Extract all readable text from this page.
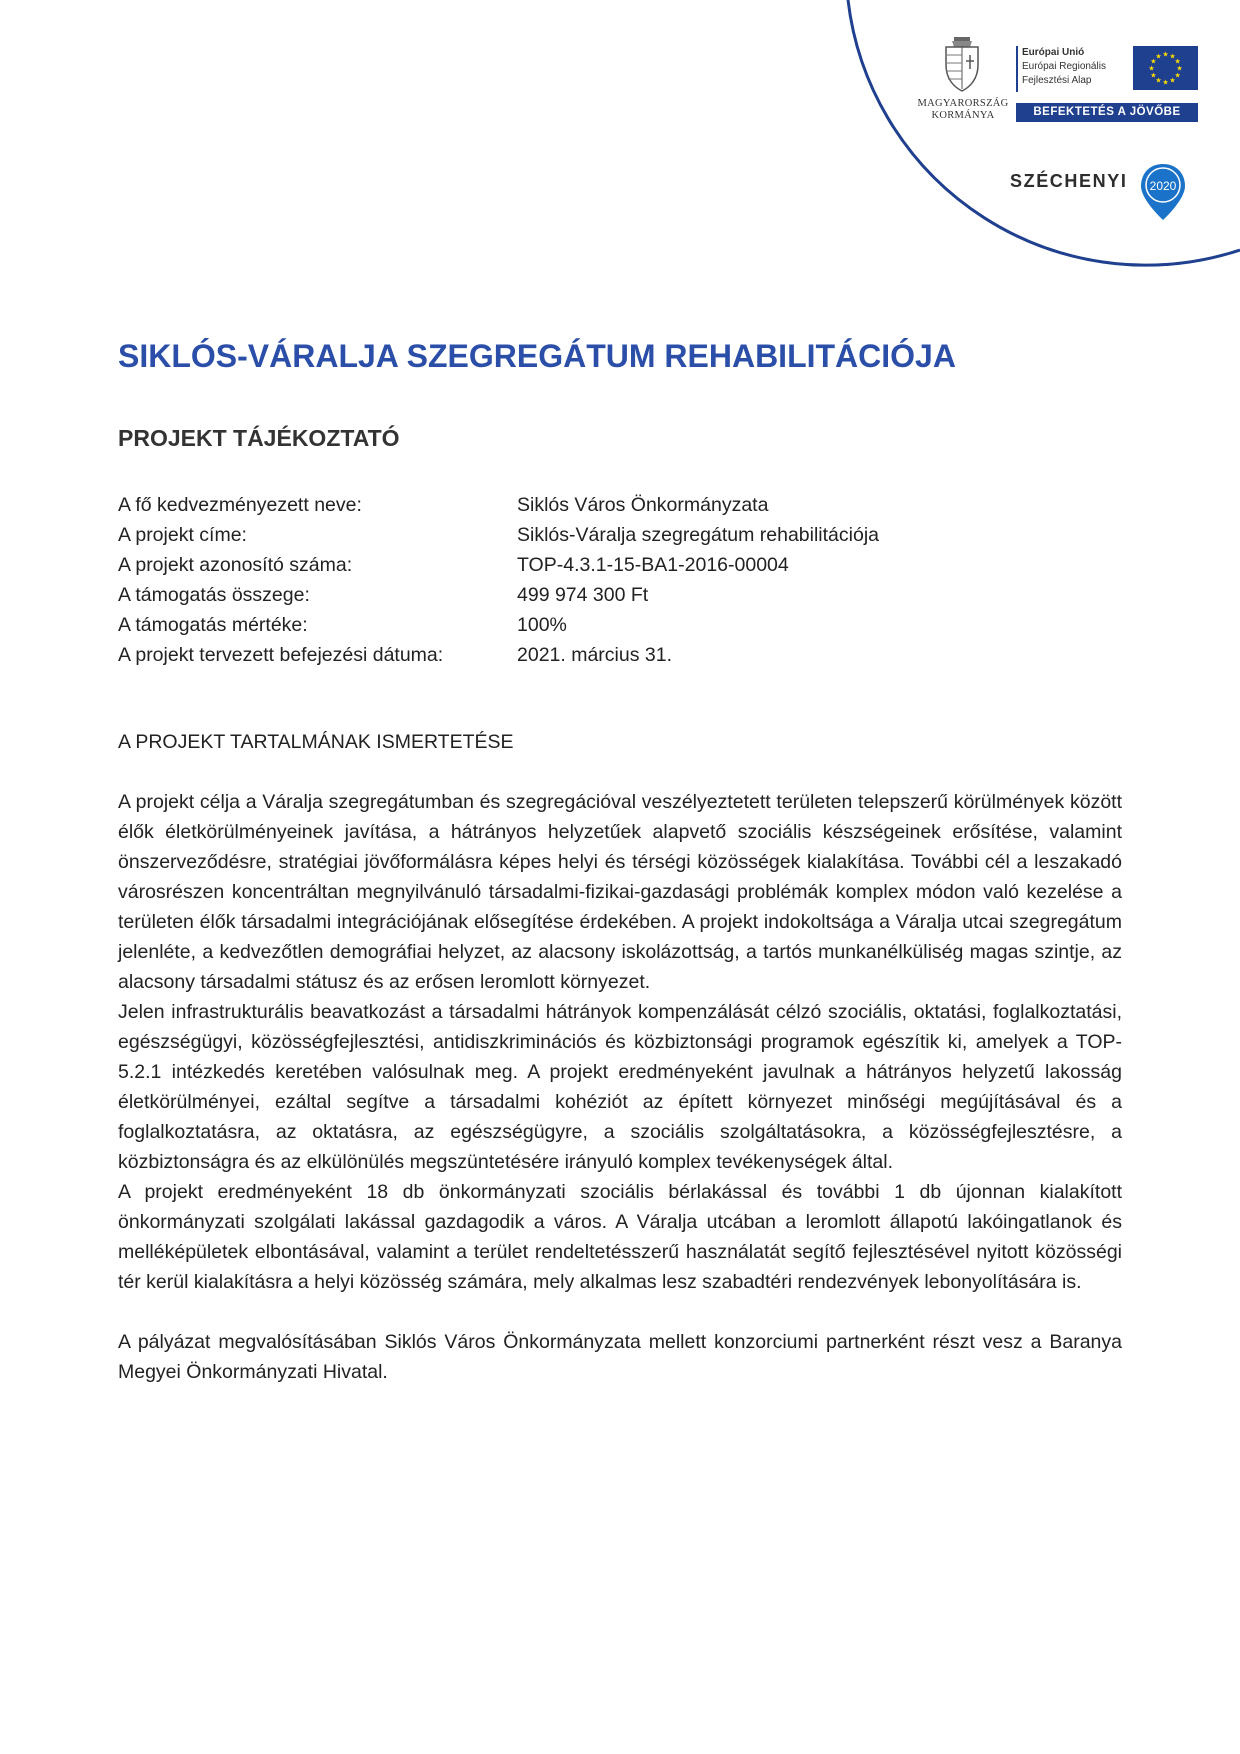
MAGYARORSZÁG
KORMÁNYA
Európai Unió
Európai Regionális
Fejlesztési Alap
★ ★
★
★
★
★
★
★
★
★
★
★
BEFEKTETÉS A JÖVŐBE
SZÉCHENYI 2020
SIKLÓS-VÁRALJA SZEGREGÁTUM REHABILITÁCIÓJA
PROJEKT TÁJÉKOZTATÓ
A fő kedvezményezett neve:	Siklós Város Önkormányzata
A projekt címe:	Siklós-Váralja szegregátum rehabilitációja
A projekt azonosító száma:	TOP-4.3.1-15-BA1-2016-00004
A támogatás összege:	499 974 300 Ft
A támogatás mértéke:	100%
A projekt tervezett befejezési dátuma:	2021. március 31.
A PROJEKT TARTALMÁNAK ISMERTETÉSE

A projekt célja a Váralja szegregátumban és szegregációval veszélyeztetett területen telepszerű körülmények között élők életkörülményeinek javítása, a hátrányos helyzetűek alapvető szociális készségeinek erősítése, valamint önszerveződésre, stratégiai jövőformálásra képes helyi és térségi közösségek kialakítása. További cél a leszakadó városrészen koncentráltan megnyilvánuló társadalmi-fizikai-gazdasági problémák komplex módon való kezelése a területen élők társadalmi integrációjának elősegítése érdekében. A projekt indokoltsága a Váralja utcai szegregátum jelenléte, a kedvezőtlen demográfiai helyzet, az alacsony iskolázottság, a tartós munkanélküliség magas szintje, az alacsony társadalmi státusz és az erősen leromlott környezet.

Jelen infrastrukturális beavatkozást a társadalmi hátrányok kompenzálását célzó szociális, oktatási, foglalkoztatási, egészségügyi, közösségfejlesztési, antidiszkriminációs és közbiztonsági programok egészítik ki, amelyek a TOP-5.2.1 intézkedés keretében valósulnak meg. A projekt eredményeként javulnak a hátrányos helyzetű lakosság életkörülményei, ezáltal segítve a társadalmi kohéziót az épített környezet minőségi megújításával és a foglalkoztatásra, az oktatásra, az egészségügyre, a szociális szolgáltatásokra, a közösségfejlesztésre, a közbiztonságra és az elkülönülés megszüntetésére irányuló komplex tevékenységek által.

A projekt eredményeként 18 db önkormányzati szociális bérlakással és további 1 db újonnan kialakított önkormányzati szolgálati lakással gazdagodik a város. A Váralja utcában a leromlott állapotú lakóingatlanok és melléképületek elbontásával, valamint a terület rendeltetésszerű használatát segítő fejlesztésével nyitott közösségi tér kerül kialakításra a helyi közösség számára, mely alkalmas lesz szabadtéri rendezvények lebonyolítására is.

A pályázat megvalósításában Siklós Város Önkormányzata mellett konzorciumi partnerként részt vesz a Baranya Megyei Önkormányzati Hivatal.
